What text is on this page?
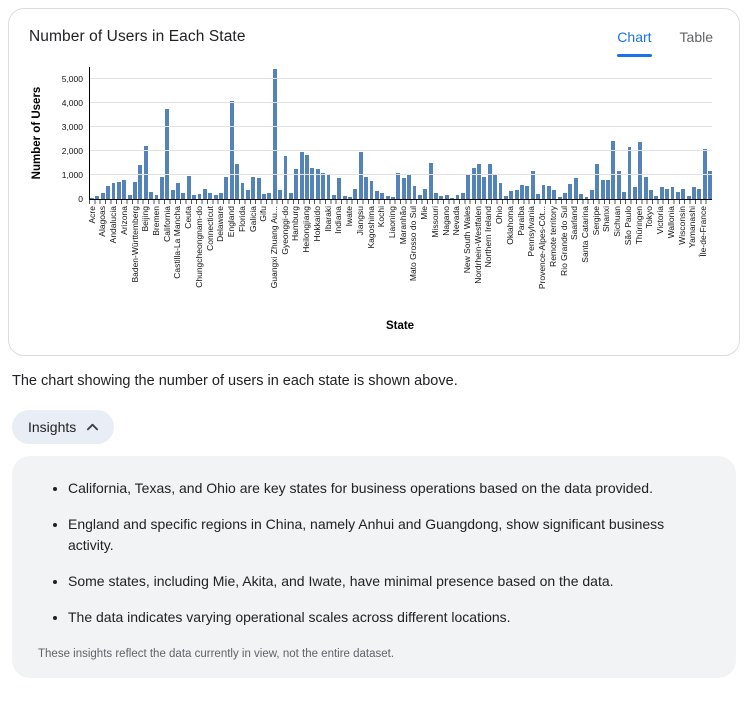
Number of Users in Each State	Chart Table
Number of Users
0
1,000
2,000
3,000
4,000
5,000
Acre Alagoas Andalucia Arizona Baden-Württemberg Beijing Bremen California Castilla-La Mancha Ceuta Chungcheongnam-do Connecticut Delaware England Florida Galicia Gifu Guangxi Zhuang Au... Gyeonggi-do Hamburg Heilongjiang Hokkaido Ibaraki Indiana Iwate Jiangsu Kagoshima Kochi Liaoning Maranhão Mato Grosso do Sul Mie Missouri Nagano Nevada New South Wales Nordrhein-Westfalen Northern Ireland Ohio Oklahoma Paraíba Pennsylvania Provence-Alpes-Côt... Remote territory Rio Grande do Sul Saarland Santa Catarina Sergipe Shanxi Sichuan São Paulo Thüringen Tokyo Victoria Wallonia Wisconsin Yamanashi Île-de-France
State

The chart showing the number of users in each state is shown above.

Insights
• California, Texas, and Ohio are key states for business operations based on the data provided.
• England and specific regions in China, namely Anhui and Guangdong, show significant business activity.
• Some states, including Mie, Akita, and Iwate, have minimal presence based on the data.
• The data indicates varying operational scales across different locations.
These insights reflect the data currently in view, not the entire dataset.
